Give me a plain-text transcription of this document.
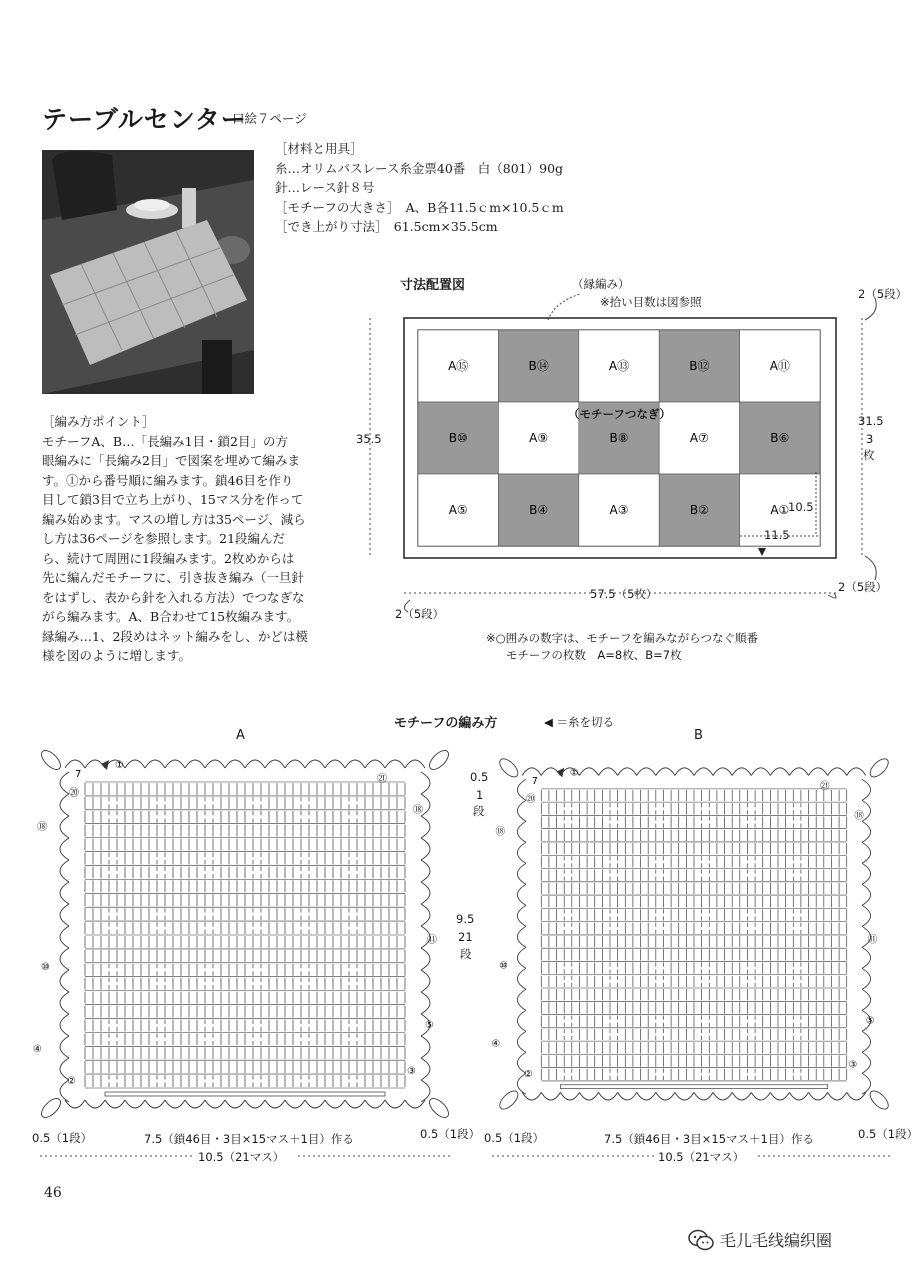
テーブルセンター
口絵７ページ
［材料と用具］
糸…オリムパスレース糸金票40番　白（801）90g
針…レース針８号
［モチーフの大きさ］　A、B各11.5ｃm×10.5ｃm
［でき上がり寸法］　61.5cm×35.5cm
［編み方ポイント］
モチーフA、B…「長編み1目・鎖2目」の方
眼編みに「長編み2目」で図案を埋めて編みま
す。①から番号順に編みます。鎖46目を作り
目して鎖3目で立ち上がり、15マス分を作って
編み始めます。マスの増し方は35ページ、減ら
し方は36ページを参照します。21段編んだ
ら、続けて周囲に1段編みます。2枚めからは
先に編んだモチーフに、引き抜き編み（一旦針
をはずし、表から針を入れる方法）でつなぎな
がら編みます。A、B合わせて15枚編みます。
縁編み…1、2段めはネット編みをし、かどは模
様を図のように増します。
寸法配置図	（縁編み）
※拾い目数は図参照
2（5段）
35.5
31.5
3
枚
2（5段）
57.5（5枚）
2（5段）
※○囲みの数字は、モチーフを編みながらつなぐ順番
モチーフの枚数　A=8枚、B=7枚
A⑮	B⑭	A⑬	B⑫	A⑪
B⑩	A⑨	B⑧	A⑦	B⑥
A⑤	B④	A③	B②	A①
（モチーフつなぎ）
10.5
11.5
モチーフの編み方	◀ ＝糸を切る
A	B
0.5
1
段
9.5
21
段
7
①
⑳
㉑
⑱
⑱
⑪
⑩
⑤
④
③
②
7
①
⑳
㉑
⑱
⑱
⑪
⑩
⑤
④
③
②
0.5（1段）	0.5（1段） 0.5（1段）	0.5（1段）
7.5（鎖46目・3目×15マス＋1目）作る	7.5（鎖46目・3目×15マス＋1目）作る
10.5（21マス）	10.5（21マス）
46
毛儿毛线编织圈
